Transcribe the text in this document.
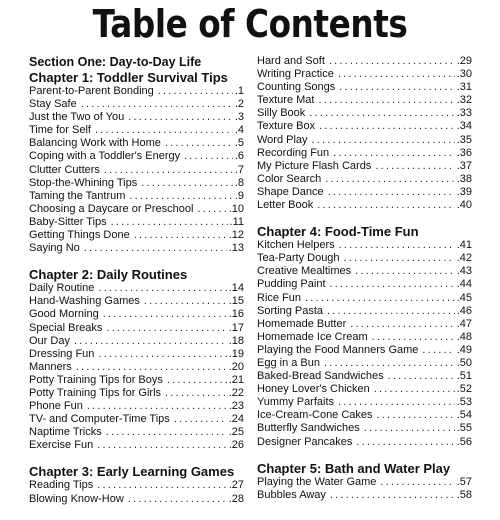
Table of Contents
Section One: Day-to-Day Life
Chapter 1: Toddler Survival Tips
Parent-to-Parent Bonding .....	.1
Stay Safe .....	.2
Just the Two of You .....	.3
Time for Self .....	.4
Balancing Work with Home .....	.5
Coping with a Toddler's Energy .....	.6
Clutter Cutters .....	.7
Stop-the-Whining Tips .....	.8
Taming the Tantrum .....	.9
Choosing a Daycare or Preschool .....	.10
Baby-Sitter Tips .....	.11
Getting Things Done .....	.12
Saying No .....	.13
Chapter 2: Daily Routines
Daily Routine .....	.14
Hand-Washing Games .....	.15
Good Morning .....	.16
Special Breaks .....	.17
Our Day .....	.18
Dressing Fun .....	.19
Manners .....	.20
Potty Training Tips for Boys .....	.21
Potty Training Tips for Girls .....	.22
Phone Fun .....	.23
TV- and Computer-Time Tips .....	.24
Naptime Tricks .....	.25
Exercise Fun .....	.26
Chapter 3: Early Learning Games
Reading Tips .....	.27
Blowing Know-How .....	.28
Hard and Soft .....	.29
Writing Practice .....	.30
Counting Songs .....	.31
Texture Mat .....	.32
Silly Book .....	.33
Texture Box .....	.34
Word Play .....	.35
Recording Fun .....	.36
My Picture Flash Cards .....	.37
Color Search .....	.38
Shape Dance .....	.39
Letter Book .....	.40
Chapter 4: Food-Time Fun
Kitchen Helpers .....	.41
Tea-Party Dough .....	.42
Creative Mealtimes .....	.43
Pudding Paint .....	.44
Rice Fun .....	.45
Sorting Pasta .....	.46
Homemade Butter .....	.47
Homemade Ice Cream .....	.48
Playing the Food Manners Game .....	.49
Egg in a Bun .....	.50
Baked-Bread Sandwiches .....	.51
Honey Lover's Chicken .....	.52
Yummy Parfaits .....	.53
Ice-Cream-Cone Cakes .....	.54
Butterfly Sandwiches .....	.55
Designer Pancakes .....	.56
Chapter 5: Bath and Water Play
Playing the Water Game .....	.57
Bubbles Away .....	.58
